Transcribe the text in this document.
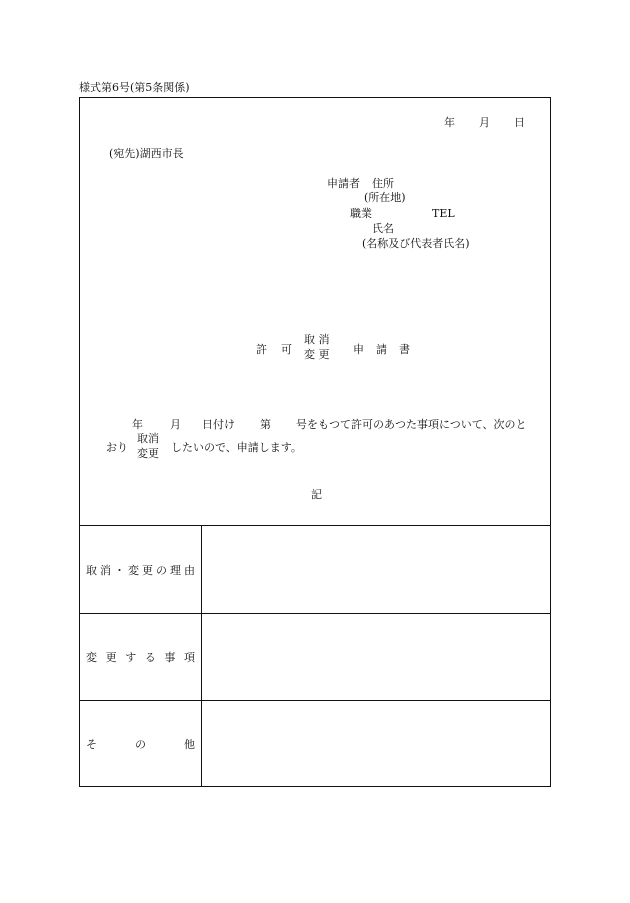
様式第6号(第5条関係)
年 月 日
(宛先)湖西市長
申請者 住所
(所在地)
職業	TEL
氏名
(名称及び代表者氏名)
許 可
取 消
変 更 申 請 書
年 月 日付け 第 号をもつて許可のあつた事項について、次のと
おり
取消
変更 したいので、申請します。
記
取 消 ・ 変 更 の 理 由
変 更 す る 事 項
そ	の	他
